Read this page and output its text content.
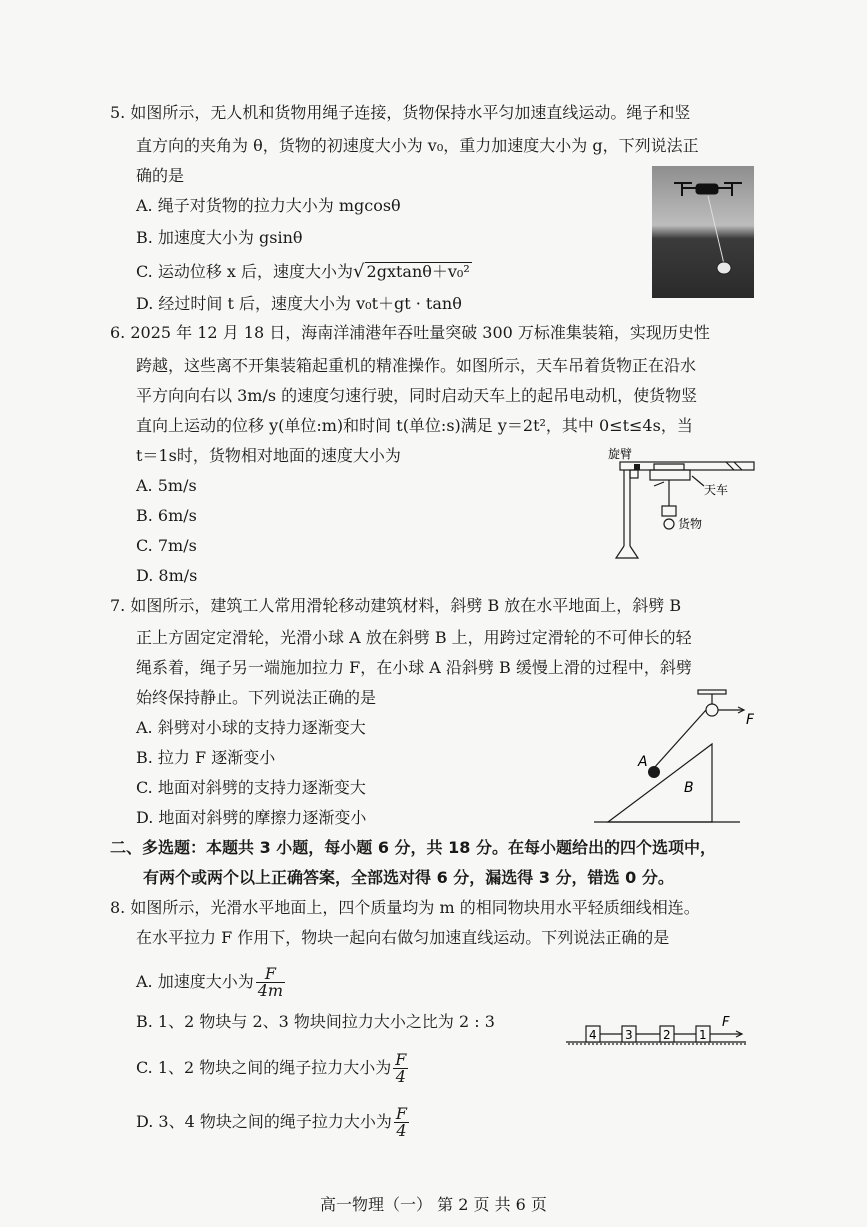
5. 如图所示，无人机和货物用绳子连接，货物保持水平匀加速直线运动。绳子和竖
直方向的夹角为 θ，货物的初速度大小为 v₀，重力加速度大小为 g，下列说法正
确的是
A. 绳子对货物的拉力大小为 mgcosθ
B. 加速度大小为 gsinθ
C. 运动位移 x 后，速度大小为√ 2gxtanθ＋v₀²
D. 经过时间 t 后，速度大小为 v₀t＋gt · tanθ
6. 2025 年 12 月 18 日，海南洋浦港年吞吐量突破 300 万标准集装箱，实现历史性
跨越，这些离不开集装箱起重机的精准操作。如图所示，天车吊着货物正在沿水
平方向向右以 3m/s 的速度匀速行驶，同时启动天车上的起吊电动机，使货物竖
直向上运动的位移 y(单位:m)和时间 t(单位:s)满足 y＝2t²，其中 0≤t≤4s，当
t＝1s时，货物相对地面的速度大小为
A. 5m/s
B. 6m/s
C. 7m/s
D. 8m/s
旋臂
天车
货物
7. 如图所示，建筑工人常用滑轮移动建筑材料，斜劈 B 放在水平地面上，斜劈 B
正上方固定定滑轮，光滑小球 A 放在斜劈 B 上，用跨过定滑轮的不可伸长的轻
绳系着，绳子另一端施加拉力 F，在小球 A 沿斜劈 B 缓慢上滑的过程中，斜劈
始终保持静止。下列说法正确的是
A. 斜劈对小球的支持力逐渐变大
B. 拉力 F 逐渐变小
C. 地面对斜劈的支持力逐渐变大
D. 地面对斜劈的摩擦力逐渐变小
F
A
B
二、多选题：本题共 3 小题，每小题 6 分，共 18 分。在每小题给出的四个选项中，
有两个或两个以上正确答案，全部选对得 6 分，漏选得 3 分，错选 0 分。
8. 如图所示，光滑水平地面上，四个质量均为 m 的相同物块用水平轻质细线相连。
在水平拉力 F 作用下，物块一起向右做匀加速直线运动。下列说法正确的是
A. 加速度大小为 $\frac{F}{4m}$
B. 1、2 物块与 2、3 物块间拉力大小之比为 2 : 3
C. 1、2 物块之间的绳子拉力大小为 $\frac{F}{4}$
D. 3、4 物块之间的绳子拉力大小为 $\frac{F}{4}$
4 3	2 1
F
高一物理（一） 第 2 页 共 6 页
